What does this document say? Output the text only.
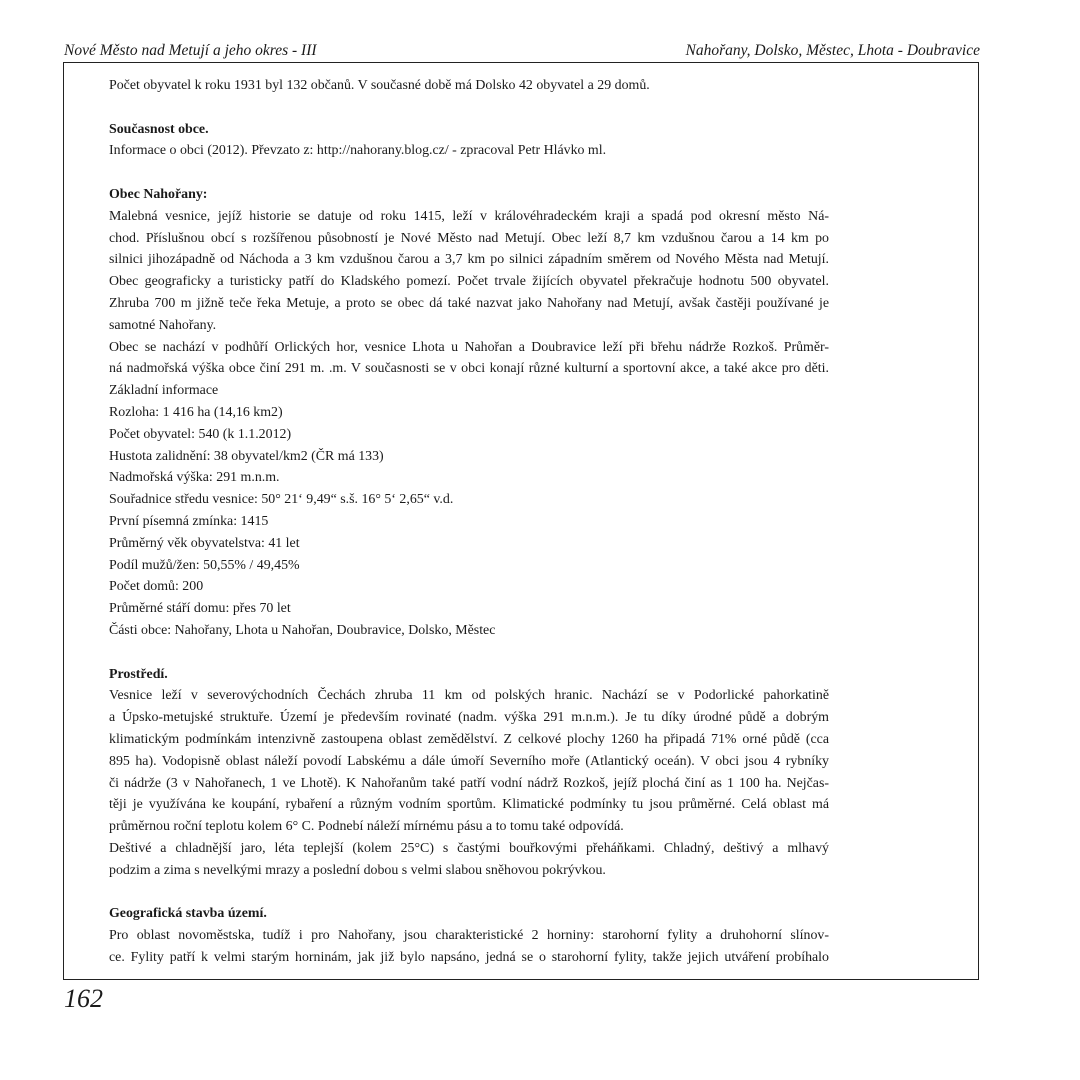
Nové Město nad Metují a jeho okres - III	Nahořany, Dolsko, Městec, Lhota - Doubravice

Počet obyvatel k roku 1931 byl 132 občanů. V současné době má Dolsko 42 obyvatel a 29 domů.

Současnost obce.

Informace o obci (2012). Převzato z: http://nahorany.blog.cz/ - zpracoval Petr Hlávko ml.

Obec Nahořany:

Malebná vesnice, jejíž historie se datuje od roku 1415, leží v královéhradeckém kraji a spadá pod okresní město Ná-

chod. Příslušnou obcí s rozšířenou působností je Nové Město nad Metují. Obec leží 8,7 km vzdušnou čarou a 14 km po

silnici jihozápadně od Náchoda a 3 km vzdušnou čarou a 3,7 km po silnici západním směrem od Nového Města nad Metují.

Obec geograficky a turisticky patří do Kladského pomezí. Počet trvale žijících obyvatel překračuje hodnotu 500 obyvatel.

Zhruba 700 m jižně teče řeka Metuje, a proto se obec dá také nazvat jako Nahořany nad Metují, avšak častěji používané je

samotné Nahořany.

Obec se nachází v podhůří Orlických hor, vesnice Lhota u Nahořan a Doubravice leží při břehu nádrže Rozkoš. Průměr-

ná nadmořská výška obce činí 291 m. .m. V současnosti se v obci konají různé kulturní a sportovní akce, a také akce pro děti.

Základní informace

Rozloha: 1 416 ha (14,16 km2)

Počet obyvatel: 540 (k 1.1.2012)

Hustota zalidnění: 38 obyvatel/km2 (ČR má 133)

Nadmořská výška: 291 m.n.m.

Souřadnice středu vesnice: 50° 21‘ 9,49“ s.š. 16° 5‘ 2,65“ v.d.

První písemná zmínka: 1415

Průměrný věk obyvatelstva: 41 let

Podíl mužů/žen: 50,55% / 49,45%

Počet domů: 200

Průměrné stáří domu: přes 70 let

Části obce: Nahořany, Lhota u Nahořan, Doubravice, Dolsko, Městec

Prostředí.

Vesnice leží v severovýchodních Čechách zhruba 11 km od polských hranic. Nachází se v Podorlické pahorkatině

a Úpsko-metujské struktuře. Území je především rovinaté (nadm. výška 291 m.n.m.). Je tu díky úrodné půdě a dobrým

klimatickým podmínkám intenzivně zastoupena oblast zemědělství. Z celkové plochy 1260 ha připadá 71% orné půdě (cca

895 ha). Vodopisně oblast náleží povodí Labskému a dále úmoří Severního moře (Atlantický oceán). V obci jsou 4 rybníky

či nádrže (3 v Nahořanech, 1 ve Lhotě). K Nahořanům také patří vodní nádrž Rozkoš, jejíž plochá činí as 1 100 ha. Nejčas-

těji je využívána ke koupání, rybaření a různým vodním sportům. Klimatické podmínky tu jsou průměrné. Celá oblast má

průměrnou roční teplotu kolem 6° C. Podnebí náleží mírnému pásu a to tomu také odpovídá.

Deštivé a chladnější jaro, léta teplejší (kolem 25°C) s častými bouřkovými přeháňkami. Chladný, deštivý a mlhavý

podzim a zima s nevelkými mrazy a poslední dobou s velmi slabou sněhovou pokrývkou.

Geografická stavba území.

Pro oblast novoměstska, tudíž i pro Nahořany, jsou charakteristické 2 horniny: starohorní fylity a druhohorní slínov-

ce. Fylity patří k velmi starým horninám, jak již bylo napsáno, jedná se o starohorní fylity, takže jejich utváření probíhalo

162
